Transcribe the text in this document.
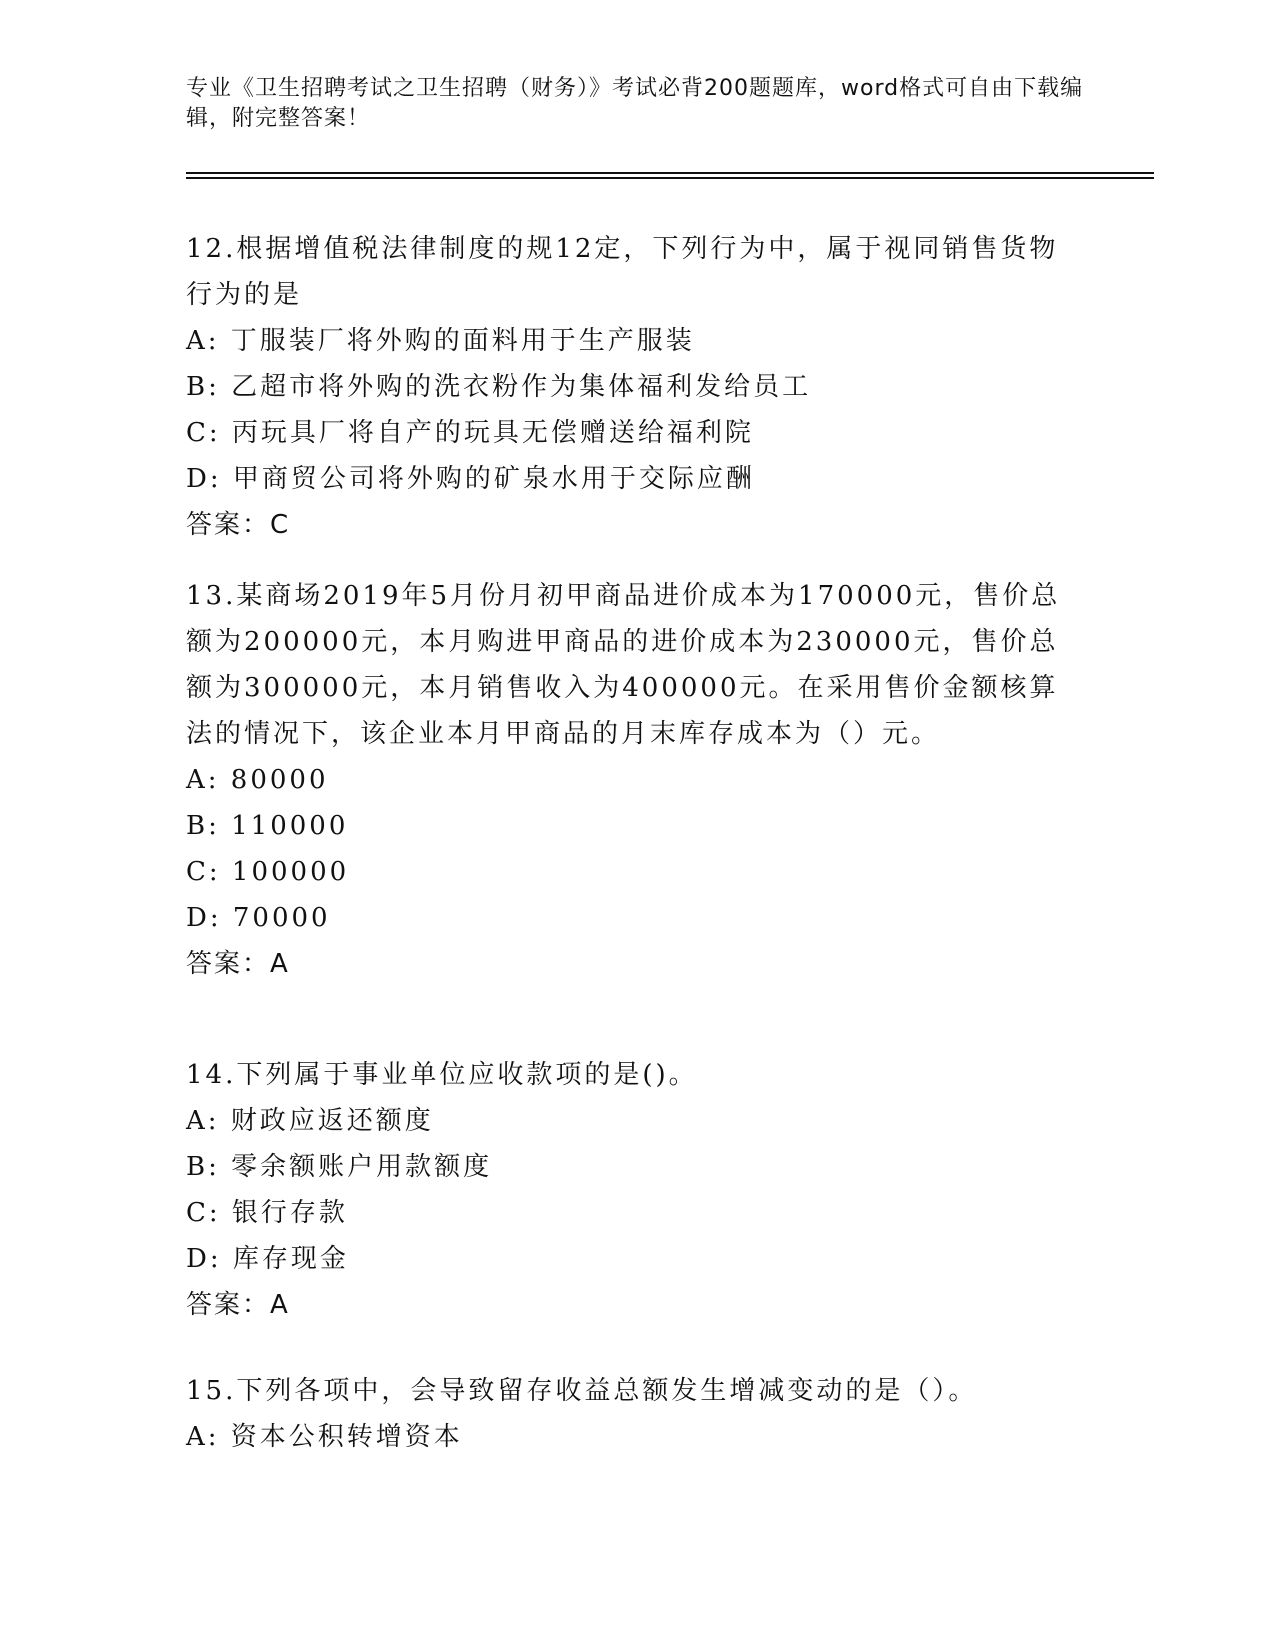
专业《卫生招聘考试之卫生招聘（财务）》考试必背200题题库，word格式可自由下载编辑，附完整答案！

12.根据增值税法律制度的规12定，下列行为中，属于视同销售货物行为的是

A: 丁服装厂将外购的面料用于生产服装

B: 乙超市将外购的洗衣粉作为集体福利发给员工

C: 丙玩具厂将自产的玩具无偿赠送给福利院

D: 甲商贸公司将外购的矿泉水用于交际应酬

答案：C

13.某商场2019年5月份月初甲商品进价成本为170000元，售价总额为200000元，本月购进甲商品的进价成本为230000元，售价总额为300000元，本月销售收入为400000元。在采用售价金额核算法的情况下，该企业本月甲商品的月末库存成本为（）元。

A: 80000

B: 110000

C: 100000

D: 70000

答案：A

14.下列属于事业单位应收款项的是()。

A: 财政应返还额度

B: 零余额账户用款额度

C: 银行存款

D: 库存现金

答案：A

15.下列各项中，会导致留存收益总额发生增减变动的是（）。

A: 资本公积转增资本
